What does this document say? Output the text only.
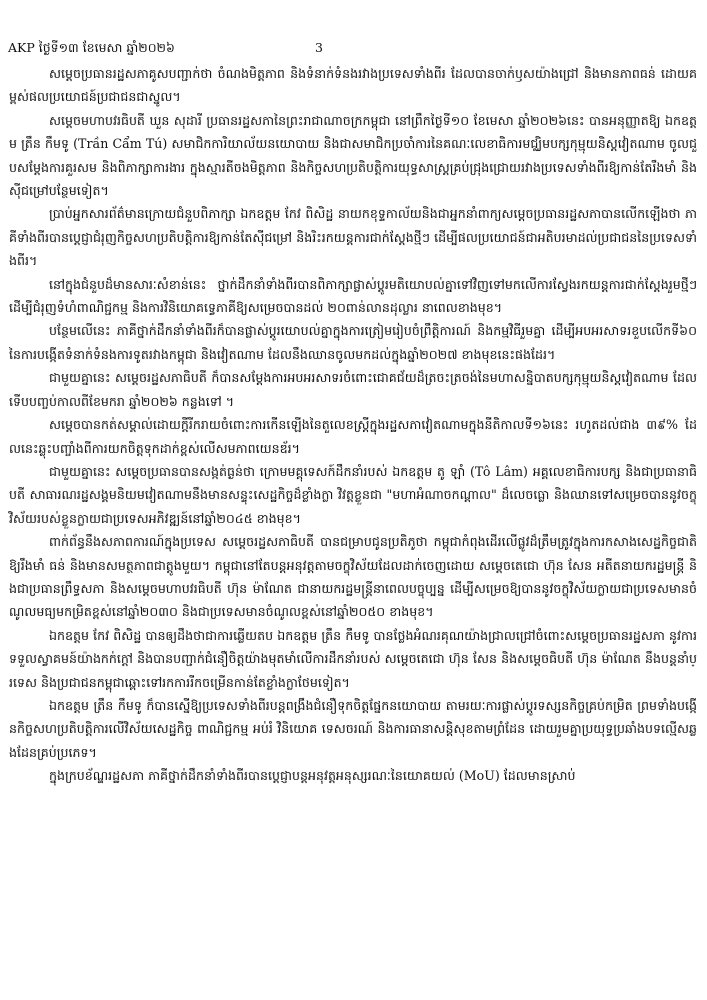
AKP ថ្ងៃទី១៣ ខែមេសា ឆ្នាំ២០២៦	3

សម្តេចប្រធានរដ្ឋសភាគូសបញ្ជាក់ថា ចំណងមិត្តភាព ​និងទំនាក់ទំនងរវាងប្រទេសទាំងពីរ ដែលបានចាក់ឫសយ៉ាងជ្រៅ និងមានភាពធន់ ដោយគម្ពស់ផលប្រយោជន៍ប្រជាជនជាស្នូល។

សម្តេចមហាបវរធិបតី ឃួន សុដារី ប្រធានរដ្ឋសភានៃព្រះរាជាណាចក្រកម្ពុជា នៅព្រឹកថ្ងៃទី១០ ខែមេសា ឆ្នាំ២០២៦នេះ បានអនុញ្ញាតឱ្យ ឯកឧត្តម ត្រឹន កឹមទូ (Trần Cẩm Tú) សមាជិកការិយាល័យនយោបាយ និងជាសមាជិកប្រចាំការនៃគណៈលេខាធិការមជ្ឈិមបក្សកុម្មុយនិស្តវៀតណាម ចូលជួបសម្តែងការគួរសម និងពិភាក្សាការងារ ក្នុងស្មារតីចងមិត្តភាព និងកិច្ចសហប្រតិបត្តិការយុទ្ធសាស្ត្រគ្រប់ជ្រុងជ្រោយរវាងប្រទេសទាំងពីរឱ្យកាន់តែរឹងមាំ និងស៊ីជម្រៅបន្ថែមទៀត។

ប្រាប់អ្នកសារព័ត៌មានក្រោយជំនួបពិភាក្សា ឯកឧត្តម កែវ ពិសិដ្ឋ នាយកខុទ្ទកាល័យនិងជាអ្នកនាំពាក្យសម្តេចប្រធានរដ្ឋសភាបានលើកឡើងថា ភាគីទាំងពីរបានប្តេជ្ញាជំរុញកិច្ចសហប្រតិបត្តិការឱ្យកាន់តែស៊ីជម្រៅ និងរិះរកយន្តការជាក់ស្តែងថ្មីៗ ដើម្បីផលប្រយោជន៍ជាអតិបរមាដល់ប្រជាជននៃប្រទេសទាំងពីរ។

នៅក្នុងជំនួបដ៏មានសារៈសំខាន់នេះ ថ្នាក់ដឹកនាំទាំងពីរបានពិភាក្សាផ្លាស់ប្តូរមតិយោបល់គ្នាទៅវិញទៅមកលើការស្វែងរកយន្តការជាក់ស្តែងរួមថ្មីៗ ដើម្បីជំរុញទំហំពាណិជ្ជកម្ម និងការវិនិយោគទ្វេភាគីឱ្យសម្រេចបានដល់ ២០ពាន់លានដុល្លារ នាពេលខាងមុខ។

បន្ថែមលើនេះ ភាគីថ្នាក់ដឹកនាំទាំងពីរក៏បានផ្លាស់ប្តូរយោបល់គ្នាក្នុងការត្រៀមរៀបចំព្រឹត្តិការណ៍ និងកម្មវិធីរួមគ្នា ដើម្បីអបអរសាទរខួបលើកទី៦០ នៃការបង្កើតទំនាក់ទំនងការទូតរវាងកម្ពុជា និងវៀតណាម ដែលនឹងឈានចូលមកដល់ក្នុងឆ្នាំ២០២៧ ខាងមុខនេះផងដែរ។

ជាមួយគ្នានេះ សម្តេចរដ្ឋសភាធិបតី ក៏បានសម្តែងការអបអរសាទរចំពោះជោគជ័យដ៏ត្រចះត្រចង់នៃមហាសន្និបាតបក្សកុម្មុយនិស្តវៀតណាម ដែលទើបបញ្ចប់កាលពីខែមករា ឆ្នាំ២០២៦ កន្លងទៅ ។

សម្តេចបានកត់សម្គាល់ដោយក្តីរីករាយចំពោះការកើនឡើងនៃតួលេខស្ត្រីក្នុងរដ្ឋសភាវៀតណាមក្នុងនីតិកាលទី១៦នេះ រហូតដល់ជាង ៣៩% ដែលនេះឆ្លុះបញ្ចាំងពីការយកចិត្តទុកដាក់ខ្ពស់លើសមភាពយេនឌ័រ។

ជាមួយគ្នានេះ សម្តេចប្រធានបានសង្កត់ធ្ងន់ថា ក្រោមមគ្គុទេសក៍ដឹកនាំរបស់ ឯកឧត្តម តូ ឡាំ (Tô Lâm) អគ្គលេខាធិការបក្ស និងជាប្រធានាធិបតី សាធារណរដ្ឋសង្គមនិយមវៀតណាមនឹងមានសន្ទុះសេដ្ឋកិច្ចដ៏ខ្លាំងក្លា វិវត្តខ្លួនជា "មហាអំណាចកណ្តាល" ដ៏លេចធ្លោ និងឈានទៅសម្រេចបាននូវចក្ខុវិស័យរបស់ខ្លួនក្លាយជាប្រទេសអភិវឌ្ឍន៍នៅឆ្នាំ២០៤៥ ខាងមុខ។

ពាក់ព័ន្ធនឹងសភាពការណ៍ក្នុងប្រទេស សម្តេចរដ្ឋសភាធិបតី បានជម្រាបជូនប្រតិភូថា កម្ពុជាកំពុងដើរលើផ្លូវដ៏ត្រឹមត្រូវក្នុងការកសាងសេដ្ឋកិច្ចជាតិឱ្យរឹងមាំ ធន់ និងមានសមត្ថភាពជាត្តូងមួយ។ កម្ពុជានៅតែបន្តអនុវត្តតាមចក្ខុវិស័យដែលដាក់ចេញដោយ សម្តេចតេជោ ហ៊ុន សែន អតីតនាយករដ្ឋមន្ត្រី និងជាប្រធានព្រឹទ្ធសភា និងសម្តេចមហាបវរធិបតី ហ៊ុន ម៉ាណែត ជានាយករដ្ឋមន្ត្រីនាពេលបច្ចុប្បន្ន ដើម្បីសម្រេចឱ្យបាននូវចក្ខុវិស័យក្លាយជាប្រទេសមានចំណូលមធ្យមកម្រិតខ្ពស់នៅឆ្នាំ២០៣០ និងជាប្រទេសមានចំណូលខ្ពស់នៅឆ្នាំ២០៥០ ខាងមុខ។

ឯកឧត្តម កែវ ពិសិដ្ឋ បានឲ្យដឹងថាជាការឆ្លើយតប ឯកឧត្តម ត្រឹន កឹមទូ បានថ្លែងអំណរគុណយ៉ាងជ្រាលជ្រៅចំពោះសម្តេចប្រធានរដ្ឋសភា នូវការទទួលស្វាគមន៍យ៉ាងកក់ក្តៅ និងបានបញ្ជាក់ជំនឿចិត្តយ៉ាងមុតមាំលើការដឹកនាំរបស់ សម្តេចតេជោ ហ៊ុន សែន និងសម្តេចធិបតី ហ៊ុន ម៉ាណែត នឹងបន្តនាំប្រទេស និងប្រជាជនកម្ពុជាឆ្ពោះទៅរកការរីកចម្រើនកាន់តែខ្លាំងក្លាថែមទៀត។

ឯកឧត្តម ត្រឹន កឹមទូ ក៏បានស្នើឱ្យប្រទេសទាំងពីរបន្តពង្រឹងជំនឿទុកចិត្តផ្នែកនយោបាយ តាមរយៈការផ្លាស់ប្តូរទស្សនកិច្ចគ្រប់កម្រិត ព្រមទាំងបង្កើនកិច្ចសហប្រតិបត្តិការលើវិស័យសេដ្ឋកិច្ច ពាណិជ្ជកម្ម អប់រំ វិនិយោគ ទេសចរណ៍ និងការធានាសន្តិសុខតាមព្រំដែន ដោយរួមគ្នាប្រយុទ្ធប្រឆាំងបទល្មើសឆ្លងដែនគ្រប់ប្រភេទ។

ក្នុងក្របខ័ណ្ឌរដ្ឋសភា ភាគីថ្នាក់ដឹកនាំទាំងពីរបានប្តេជ្ញាបន្តអនុវត្តអនុស្សរណៈនៃយោគយល់ (MoU) ដែលមានស្រាប់
